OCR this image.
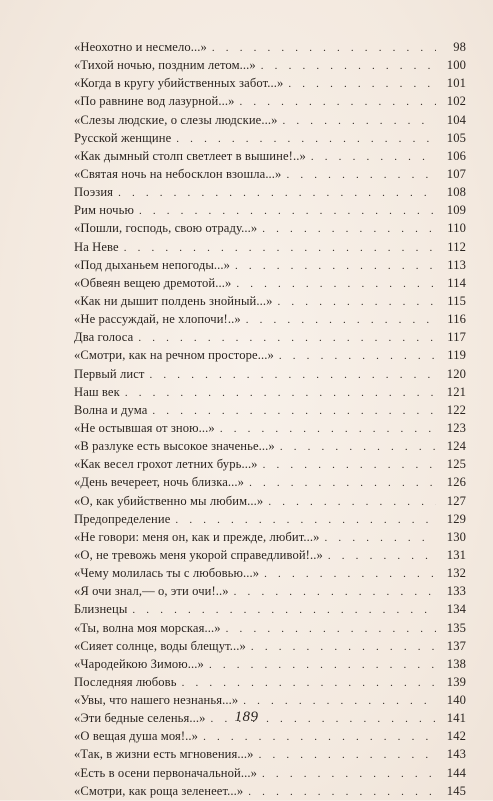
«Неохотно и несмело...» . . .	98
«Тихой ночью, поздним летом...» . . .	100
«Когда в кругу убийственных забот...» . . .	101
«По равнине вод лазурной...» . . .	102
«Слезы людские, о слезы людские...» . . .	104
Русской женщине . . .	105
«Как дымный столп светлеет в вышине!..» . . .	106
«Святая ночь на небосклон взошла...» . . .	107
Поэзия . . .	108
Рим ночью . . .	109
«Пошли, господь, свою отраду...» . . .	110
На Неве . . .	112
«Под дыханьем непогоды...» . . .	113
«Обвеян вещею дремотой...» . . .	114
«Как ни дышит полдень знойный...» . . .	115
«Не рассуждай, не хлопочи!..» . . .	116
Два голоса . . .	117
«Смотри, как на речном просторе...» . . .	119
Первый лист . . .	120
Наш век . . .	121
Волна и дума . . .	122
«Не остывшая от зною...» . . .	123
«В разлуке есть высокое значенье...» . . .	124
«Как весел грохот летних бурь...» . . .	125
«День вечереет, ночь близка...» . . .	126
«О, как убийственно мы любим...» . . .	127
Предопределение . . .	129
«Не говори: меня он, как и прежде, любит...» . . .	130
«О, не тревожь меня укорой справедливой!..» . . .	131
«Чему молилась ты с любовью...» . . .	132
«Я очи знал,— о, эти очи!..» . . .	133
Близнецы . . .	134
«Ты, волна моя морская...» . . .	135
«Сияет солнце, воды блещут...» . . .	137
«Чародейкою Зимою...» . . .	138
Последняя любовь . . .	139
«Увы, что нашего незнанья...» . . .	140
«Эти бедные селенья...» . . .	141
«О вещая душа моя!..» . . .	142
«Так, в жизни есть мгновения...» . . .	143
«Есть в осени первоначальной...» . . .	144
«Смотри, как роща зеленеет...» . . .	145
189
